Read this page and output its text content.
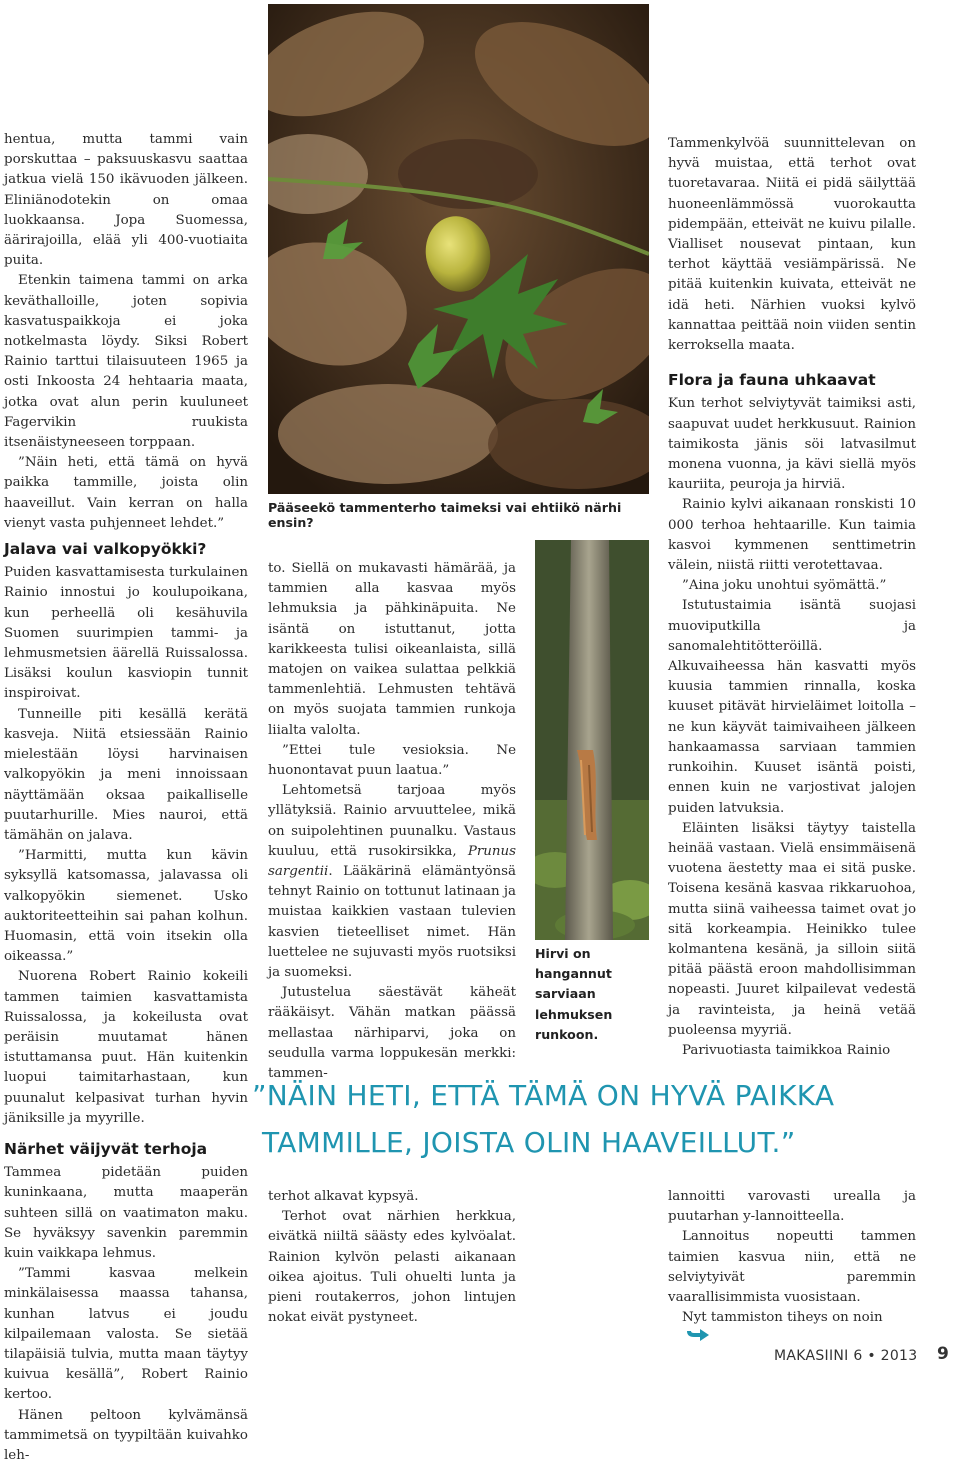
hentua, mutta tammi vain porskuttaa – paksuuskasvu saattaa jatkua vielä 150 ikävuoden jälkeen. Eliniänodotekin on omaa luokkaansa. Jopa Suomessa, äärirajoilla, elää yli 400-vuotiaita puita.

Etenkin taimena tammi on arka keväthalloille, joten sopivia kasvatuspaikkoja ei joka notkelmasta löydy. Siksi Robert Rainio tarttui tilaisuuteen 1965 ja osti Inkoosta 24 hehtaaria maata, jotka ovat alun perin kuuluneet Fagervikin ruukista itsenäistyneeseen torppaan.

”Näin heti, että tämä on hyvä paikka tammille, joista olin haaveillut. Vain kerran on halla vienyt vasta puhjenneet lehdet.”

Jalava vai valkopyökki?

Puiden kasvattamisesta turkulainen Rainio innostui jo koulupoikana, kun perheellä oli kesähuvila Suomen suurimpien tammi- ja lehmusmetsien äärellä Ruissalossa. Lisäksi koulun kasviopin tunnit inspiroivat.

Tunneille piti kesällä kerätä kasveja. Niitä etsiessään Rainio mielestään löysi harvinaisen valkopyökin ja meni innoissaan näyttämään oksaa paikalliselle puutarhurille. Mies nauroi, että tämähän on jalava.

”Harmitti, mutta kun kävin syksyllä katsomassa, jalavassa oli valkopyökin siemenet. Usko auktoriteetteihin sai pahan kolhun. Huomasin, että voin itsekin olla oikeassa.”

Nuorena Robert Rainio kokeili tammen taimien kasvattamista Ruissalossa, ja kokeilusta ovat peräisin muutamat hänen istuttamansa puut. Hän kuitenkin luopui taimitarhastaan, kun puunalut kelpasivat turhan hyvin jäniksille ja myyrille.

Närhet väijyvät terhoja

Tammea pidetään puiden kuninkaana, mutta maaperän suhteen sillä on vaatimaton maku. Se hyväksyy savenkin paremmin kuin vaikkapa lehmus.

”Tammi kasvaa melkein minkälaisessa maassa tahansa, kunhan latvus ei joudu kilpailemaan valosta. Se sietää tilapäisiä tulvia, mutta maan täytyy kuivua kesällä”, Robert Rainio kertoo.

Hänen peltoon kylvämänsä tammimetsä on tyypiltään kuivahko leh-

Pääseekö tammenterho taimeksi vai ehtiikö närhi ensin?

to. Siellä on mukavasti hämärää, ja tammien alla kasvaa myös lehmuksia ja pähkinäpuita. Ne isäntä on istuttanut, jotta karikkeesta tulisi oikeanlaista, sillä matojen on vaikea sulattaa pelkkiä tammenlehtiä. Lehmusten tehtävä on myös suojata tammien runkoja liialta valolta.

”Ettei tule vesioksia. Ne huonontavat puun laatua.”

Lehtometsä tarjoaa myös yllätyksiä. Rainio arvuuttelee, mikä on suipolehtinen puunalku. Vastaus kuuluu, että rusokirsikka, Prunus sargentii. Lääkärinä elämäntyönsä tehnyt Rainio on tottunut latinaan ja muistaa kaikkien vastaan tulevien kasvien tieteelliset nimet. Hän luettelee ne sujuvasti myös ruotsiksi ja suomeksi.

Jutustelua säestävät käheät rääkäisyt. Vähän matkan päässä mellastaa närhiparvi, joka on seudulla varma loppukesän merkki: tammen-

Hirvi on
hangannut
sarviaan
lehmuksen
runkoon.

Tammenkylvöä suunnittelevan on hyvä muistaa, että terhot ovat tuoretavaraa. Niitä ei pidä säilyttää huoneenlämmössä vuorokautta pidempään, etteivät ne kuivu pilalle. Vialliset nousevat pintaan, kun terhot käyttää vesiämpärissä. Ne pitää kuitenkin kuivata, etteivät ne idä heti. Närhien vuoksi kylvö kannattaa peittää noin viiden sentin kerroksella maata.

Flora ja fauna uhkaavat

Kun terhot selviytyvät taimiksi asti, saapuvat uudet herkkusuut. Rainion taimikosta jänis söi latvasilmut monena vuonna, ja kävi siellä myös kauriita, peuroja ja hirviä.

Rainio kylvi aikanaan ronskisti 10 000 terhoa hehtaarille. Kun taimia kasvoi kymmenen senttimetrin välein, niistä riitti verotettavaa.

”Aina joku unohtui syömättä.”

Istutustaimia isäntä suojasi muoviputkilla ja sanomalehtitötteröillä. Alkuvaiheessa hän kasvatti myös kuusia tammien rinnalla, koska kuuset pitävät hirvieläimet loitolla – ne kun käyvät taimivaiheen jälkeen hankaamassa sarviaan tammien runkoihin. Kuuset isäntä poisti, ennen kuin ne varjostivat jalojen puiden latvuksia.

Eläinten lisäksi täytyy taistella heinää vastaan. Vielä ensimmäisenä vuotena äestetty maa ei sitä puske. Toisena kesänä kasvaa rikkaruohoa, mutta siinä vaiheessa taimet ovat jo sitä korkeampia. Heinikko tulee kolmantena kesänä, ja silloin siitä pitää päästä eroon mahdollisimman nopeasti. Juuret kilpailevat vedestä ja ravinteista, ja heinä vetää puoleensa myyriä.

Parivuotiasta taimikkoa Rainio

”NÄIN HETI, ETTÄ TÄMÄ ON HYVÄ PAIKKA
TAMMILLE, JOISTA OLIN HAAVEILLUT.”

terhot alkavat kypsyä.

Terhot ovat närhien herkkua, eivätkä niiltä säästy edes kylvöalat. Rainion kylvön pelasti aikanaan oikea ajoitus. Tuli ohuelti lunta ja pieni routakerros, johon lintujen nokat eivät pystyneet.

lannoitti varovasti urealla ja puutarhan y-lannoitteella.

Lannoitus nopeutti tammen taimien kasvua niin, että ne selviytyivät paremmin vaarallisimmista vuosistaan.

Nyt tammiston tiheys on noin

MAKASIINI 6 • 2013 9
